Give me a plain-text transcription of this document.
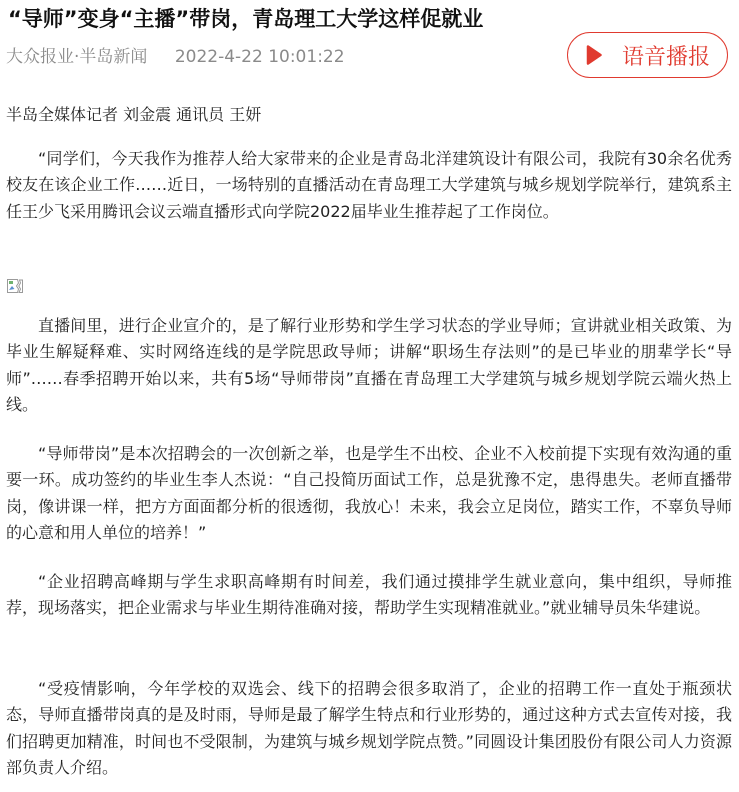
“导师”变身“主播”带岗，青岛理工大学这样促就业
大众报业·半岛新闻 2022-4-22 10:01:22	语音播报
半岛全媒体记者 刘金震 通讯员 王妍

“同学们，今天我作为推荐人给大家带来的企业是青岛北洋建筑设计有限公司，我院有30余名优秀校友在该企业工作……近日，一场特别的直播活动在青岛理工大学建筑与城乡规划学院举行，建筑系主任王少飞采用腾讯会议云端直播形式向学院2022届毕业生推荐起了工作岗位。

直播间里，进行企业宣介的，是了解行业形势和学生学习状态的学业导师；宣讲就业相关政策、为毕业生解疑释难、实时网络连线的是学院思政导师；讲解“职场生存法则”的是已毕业的朋辈学长“导师”……春季招聘开始以来，共有5场“导师带岗”直播在青岛理工大学建筑与城乡规划学院云端火热上线。

“导师带岗”是本次招聘会的一次创新之举，也是学生不出校、企业不入校前提下实现有效沟通的重要一环。成功签约的毕业生李人杰说：“自己投简历面试工作，总是犹豫不定，患得患失。老师直播带岗，像讲课一样，把方方面面都分析的很透彻，我放心！未来，我会立足岗位，踏实工作，不辜负导师的心意和用人单位的培养！”

“企业招聘高峰期与学生求职高峰期有时间差，我们通过摸排学生就业意向，集中组织，导师推荐，现场落实，把企业需求与毕业生期待准确对接，帮助学生实现精准就业。”就业辅导员朱华建说。

“受疫情影响，今年学校的双选会、线下的招聘会很多取消了，企业的招聘工作一直处于瓶颈状态，导师直播带岗真的是及时雨，导师是最了解学生特点和行业形势的，通过这种方式去宣传对接，我们招聘更加精准，时间也不受限制，为建筑与城乡规划学院点赞。”同圆设计集团股份有限公司人力资源部负责人介绍。
